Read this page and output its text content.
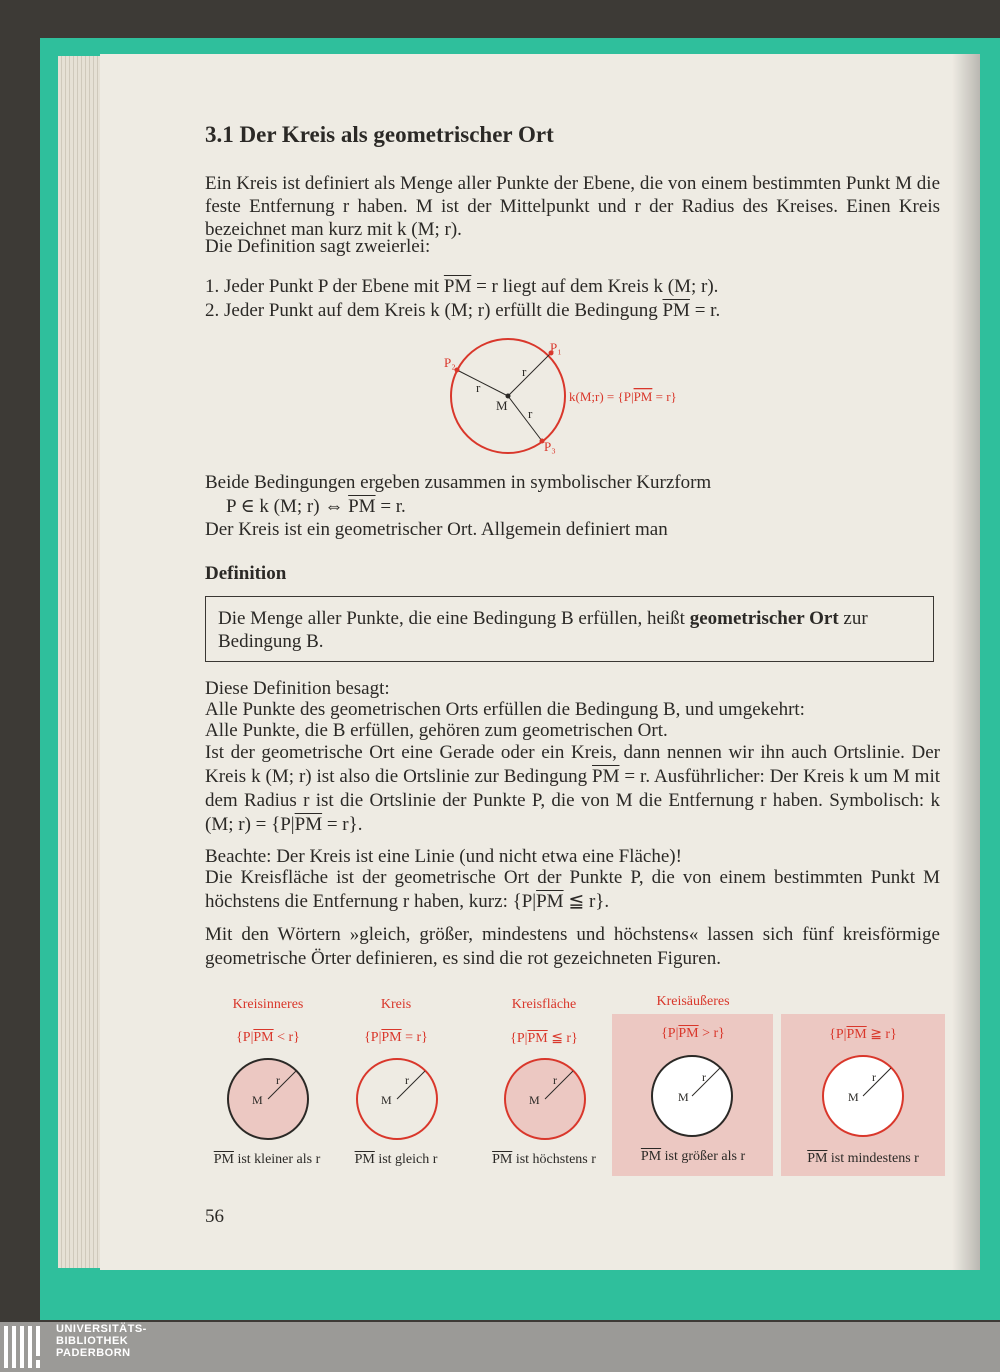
3.1 Der Kreis als geometrischer Ort
Ein Kreis ist definiert als Menge aller Punkte der Ebene, die von einem bestimmten Punkt M die feste Entfernung r haben. M ist der Mittelpunkt und r der Radius des Kreises. Einen Kreis bezeichnet man kurz mit k (M; r).
Die Definition sagt zweierlei:
1. Jeder Punkt P der Ebene mit $\overline{PM} = r$ liegt auf dem Kreis k (M; r).
2. Jeder Punkt auf dem Kreis k (M; r) erfüllt die Bedingung $\overline{PM} = r$.
P₁
P₂
P₃
M
r
r
r
k(M;r) = {P|PM = r}
Beide Bedingungen ergeben zusammen in symbolischer Kurzform
P ∈ k (M; r) ⇔ $\overline{PM} = r$.
Der Kreis ist ein geometrischer Ort. Allgemein definiert man
Definition
Die Menge aller Punkte, die eine Bedingung B erfüllen, heißt geometrischer Ort zur Bedingung B.
Diese Definition besagt:
Alle Punkte des geometrischen Orts erfüllen die Bedingung B, und umgekehrt:
Alle Punkte, die B erfüllen, gehören zum geometrischen Ort.
Ist der geometrische Ort eine Gerade oder ein Kreis, dann nennen wir ihn auch Ortslinie. Der Kreis k (M; r) ist also die Ortslinie zur Bedingung $\overline{PM} = r$. Ausführlicher: Der Kreis k um M mit dem Radius r ist die Ortslinie der Punkte P, die von M die Entfernung r haben. Symbolisch: k (M; $r) = \{P|\overline{PM} = r\}$.
Beachte: Der Kreis ist eine Linie (und nicht etwa eine Fläche)!
Die Kreisfläche ist der geometrische Ort der Punkte P, die von einem bestimmten Punkt M höchstens die Entfernung r haben, kurz: {$P|\overline{PM}$ ≦ r}.
Mit den Wörtern »gleich, größer, mindestens und höchstens« lassen sich fünf kreisförmige geometrische Örter definieren, es sind die rot gezeichneten Figuren.
Kreisinneres	Kreis	Kreisfläche	Kreisäußeres
$\{P|\overline{PM} < r\}$	$\{P|\overline{PM} = r\}$	{$P|\overline{PM}$ ≦ r}	$\{P|\overline{PM} > r\}$	{$P|\overline{PM}$ ≧ r}
M
r
M
r
M
r
M
r
M
r
$\overline{PM}$ ist kleiner als r	$\overline{PM}$ ist gleich r	$\overline{PM}$ ist höchstens r	$\overline{PM}$ ist größer als r	$\overline{PM}$ ist mindestens r
56
UNIVERSITÄTS-
BIBLIOTHEK
PADERBORN
